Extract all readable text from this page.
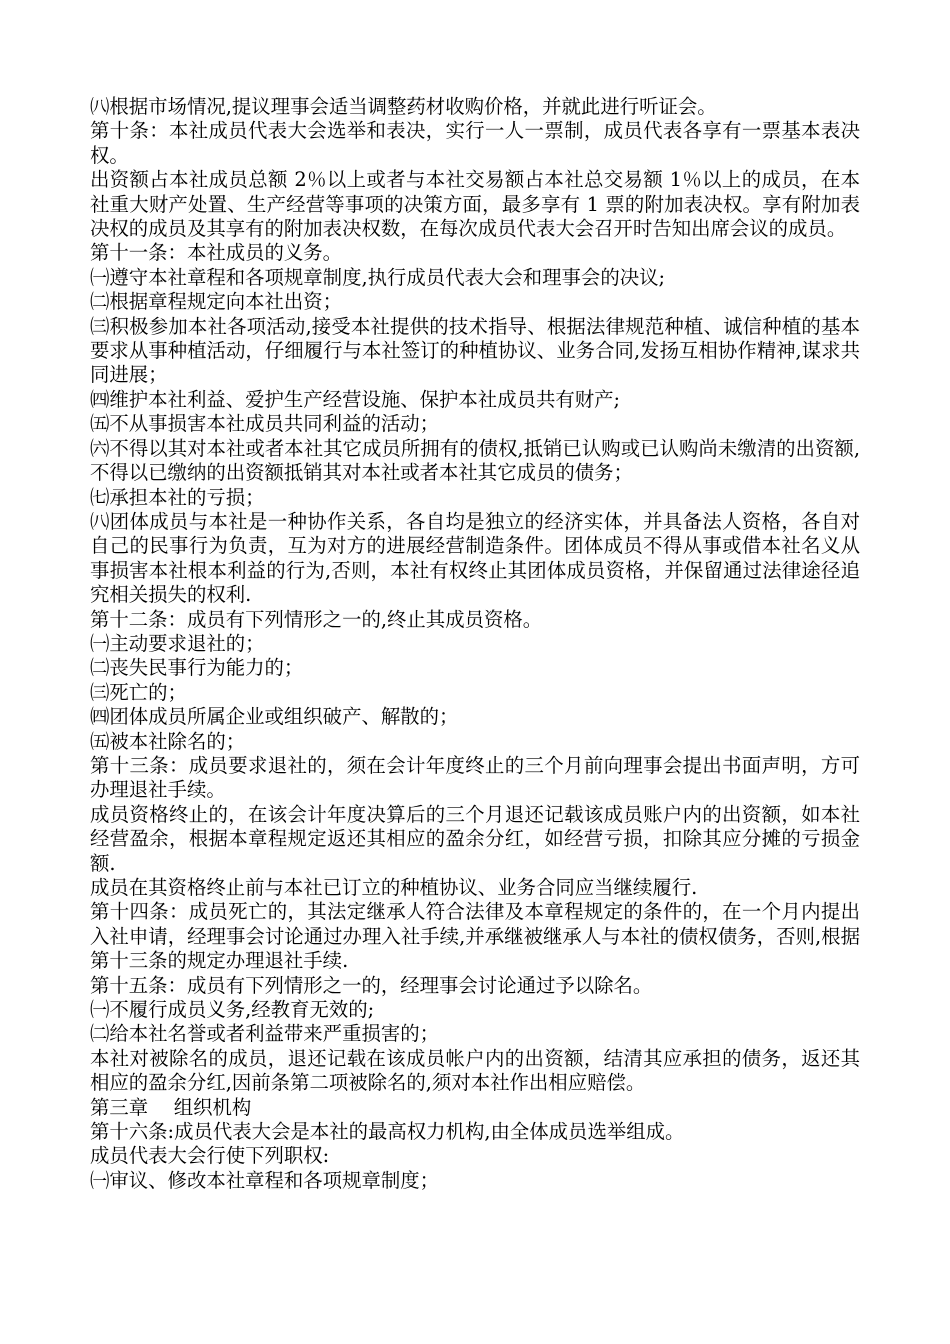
㈧根据市场情况,提议理事会适当调整药材收购价格，并就此进行听证会。

第十条：本社成员代表大会选举和表决，实行一人一票制，成员代表各享有一票基本表决权。

出资额占本社成员总额 2％以上或者与本社交易额占本社总交易额 1％以上的成员，在本社重大财产处置、生产经营等事项的决策方面，最多享有 1 票的附加表决权。享有附加表决权的成员及其享有的附加表决权数，在每次成员代表大会召开时告知出席会议的成员。

第十一条：本社成员的义务。

㈠遵守本社章程和各项规章制度,执行成员代表大会和理事会的决议;

㈡根据章程规定向本社出资；

㈢积极参加本社各项活动,接受本社提供的技术指导、根据法律规范种植、诚信种植的基本要求从事种植活动，仔细履行与本社签订的种植协议、业务合同,发扬互相协作精神,谋求共同进展；

㈣维护本社利益、爱护生产经营设施、保护本社成员共有财产;

㈤不从事损害本社成员共同利益的活动；

㈥不得以其对本社或者本社其它成员所拥有的债权,抵销已认购或已认购尚未缴清的出资额,不得以已缴纳的出资额抵销其对本社或者本社其它成员的债务；

㈦承担本社的亏损；

㈧团体成员与本社是一种协作关系，各自均是独立的经济实体，并具备法人资格，各自对自己的民事行为负责，互为对方的进展经营制造条件。团体成员不得从事或借本社名义从事损害本社根本利益的行为,否则，本社有权终止其团体成员资格，并保留通过法律途径追究相关损失的权利.

第十二条：成员有下列情形之一的,终止其成员资格。

㈠主动要求退社的；

㈡丧失民事行为能力的；

㈢死亡的；

㈣团体成员所属企业或组织破产、解散的；

㈤被本社除名的；

第十三条：成员要求退社的，须在会计年度终止的三个月前向理事会提出书面声明，方可办理退社手续。

成员资格终止的，在该会计年度决算后的三个月退还记载该成员账户内的出资额，如本社经营盈余，根据本章程规定返还其相应的盈余分红，如经营亏损，扣除其应分摊的亏损金额.

成员在其资格终止前与本社已订立的种植协议、业务合同应当继续履行.

第十四条：成员死亡的，其法定继承人符合法律及本章程规定的条件的，在一个月内提出入社申请，经理事会讨论通过办理入社手续,并承继被继承人与本社的债权债务，否则,根据第十三条的规定办理退社手续.

第十五条：成员有下列情形之一的，经理事会讨论通过予以除名。

㈠不履行成员义务,经教育无效的;

㈡给本社名誉或者利益带来严重损害的；

本社对被除名的成员，退还记载在该成员帐户内的出资额，结清其应承担的债务，返还其相应的盈余分红,因前条第二项被除名的,须对本社作出相应赔偿。

第三章　 组织机构

第十六条:成员代表大会是本社的最高权力机构,由全体成员选举组成。

成员代表大会行使下列职权:

㈠审议、修改本社章程和各项规章制度；
